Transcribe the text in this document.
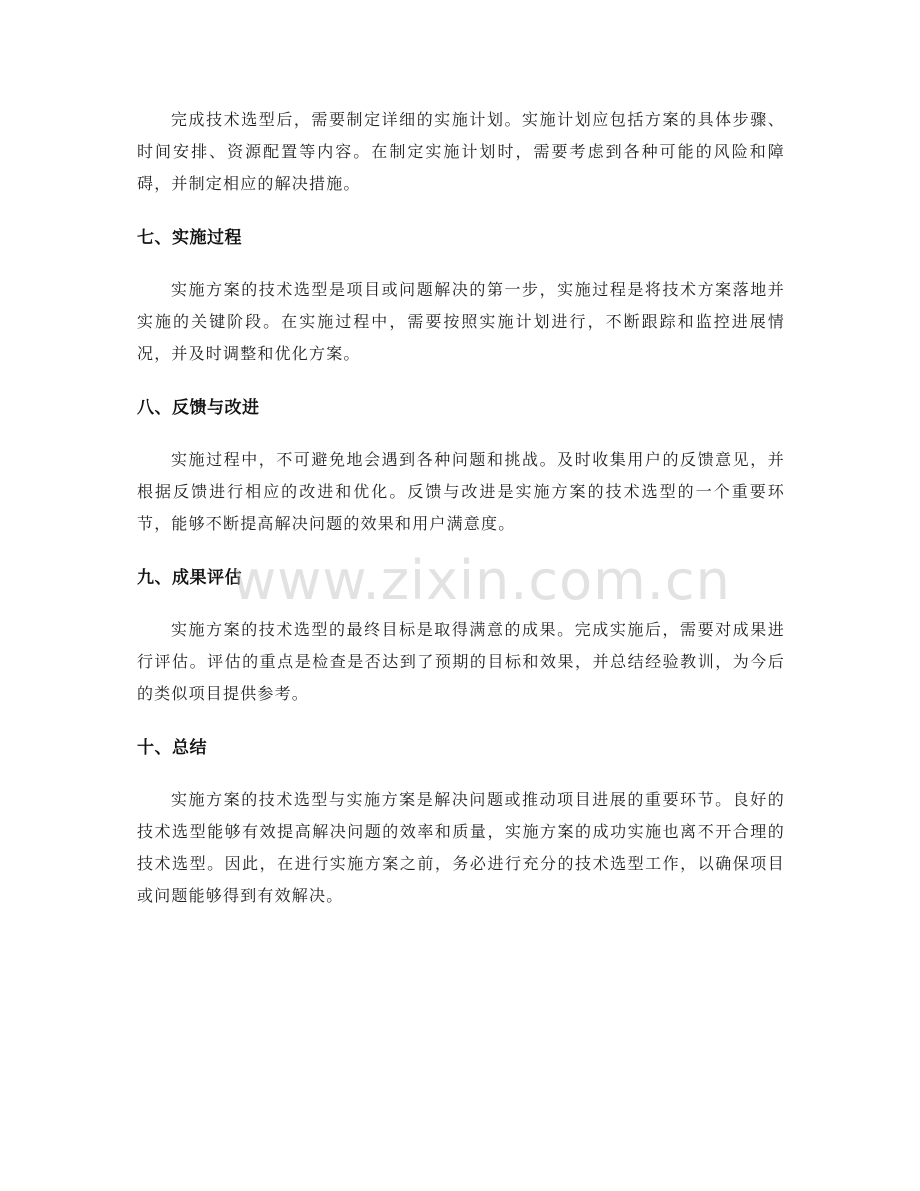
完成技术选型后，需要制定详细的实施计划。实施计划应包括方案的具体步骤、时间安排、资源配置等内容。在制定实施计划时，需要考虑到各种可能的风险和障碍，并制定相应的解决措施。

七、实施过程

实施方案的技术选型是项目或问题解决的第一步，实施过程是将技术方案落地并实施的关键阶段。在实施过程中，需要按照实施计划进行，不断跟踪和监控进展情况，并及时调整和优化方案。

八、反馈与改进

实施过程中，不可避免地会遇到各种问题和挑战。及时收集用户的反馈意见，并根据反馈进行相应的改进和优化。反馈与改进是实施方案的技术选型的一个重要环节，能够不断提高解决问题的效果和用户满意度。

九、成果评估

实施方案的技术选型的最终目标是取得满意的成果。完成实施后，需要对成果进行评估。评估的重点是检查是否达到了预期的目标和效果，并总结经验教训，为今后的类似项目提供参考。

十、总结

实施方案的技术选型与实施方案是解决问题或推动项目进展的重要环节。良好的技术选型能够有效提高解决问题的效率和质量，实施方案的成功实施也离不开合理的技术选型。因此，在进行实施方案之前，务必进行充分的技术选型工作，以确保项目或问题能够得到有效解决。

www.zixin.com.cn
